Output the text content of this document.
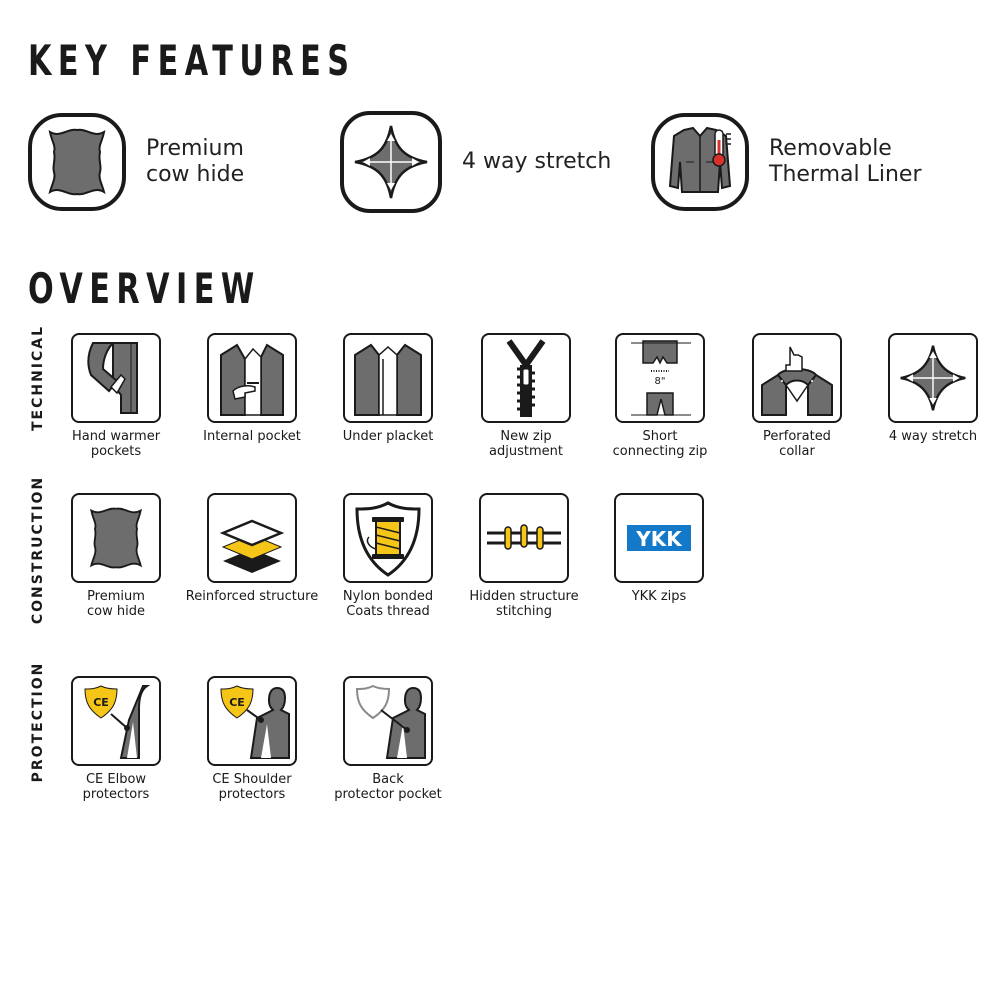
KEY FEATURES
Premium
cow hide
4 way stretch
Removable
Thermal Liner
OVERVIEW
TECHNICAL
CONSTRUCTION
PROTECTION
Hand warmer
pockets
Internal pocket	Under placket	New zip
adjustment
8"
Short
connecting zip
Perforated
collar
4 way stretch
Premium
cow hide
Reinforced structure	Nylon bonded
Coats thread
Hidden structure
stitching
YKK
YKK zips
CE
CE Elbow
protectors
CE
CE Shoulder
protectors
Back
protector pocket
